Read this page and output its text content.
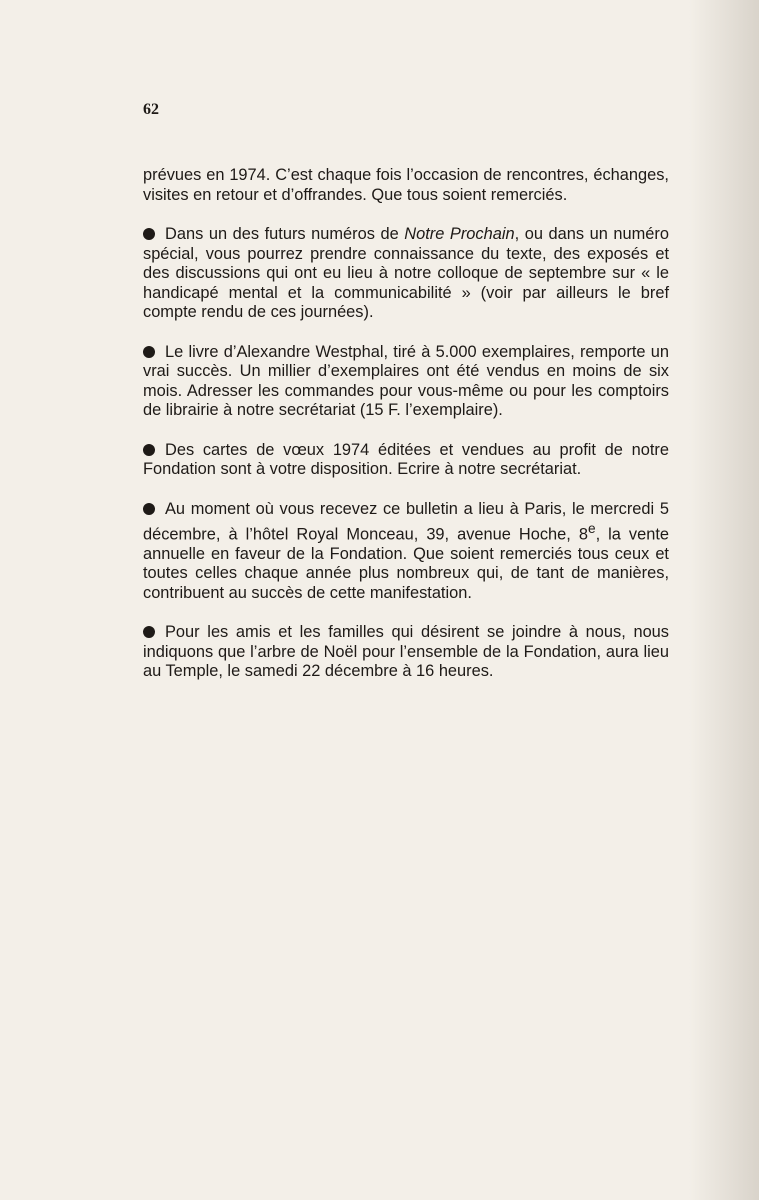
62

prévues en 1974. C’est chaque fois l’occasion de rencontres, échanges, visites en retour et d’offrandes. Que tous soient remerciés.

Dans un des futurs numéros de Notre Prochain, ou dans un numéro spécial, vous pourrez prendre connaissance du texte, des exposés et des discussions qui ont eu lieu à notre colloque de septembre sur « le handicapé mental et la communicabilité » (voir par ailleurs le bref compte rendu de ces journées).

Le livre d’Alexandre Westphal, tiré à 5.000 exemplaires, remporte un vrai succès. Un millier d’exemplaires ont été vendus en moins de six mois. Adresser les commandes pour vous-même ou pour les comptoirs de librairie à notre secrétariat (15 F. l’exemplaire).

Des cartes de vœux 1974 éditées et vendues au profit de notre Fondation sont à votre disposition. Ecrire à notre secrétariat.

Au moment où vous recevez ce bulletin a lieu à Paris, le mercredi 5 décembre, à l’hôtel Royal Monceau, 39, avenue Hoche, 8e, la vente annuelle en faveur de la Fondation. Que soient remerciés tous ceux et toutes celles chaque année plus nombreux qui, de tant de manières, contribuent au succès de cette manifestation.

Pour les amis et les familles qui désirent se joindre à nous, nous indiquons que l’arbre de Noël pour l’ensemble de la Fondation, aura lieu au Temple, le samedi 22 décembre à 16 heures.
